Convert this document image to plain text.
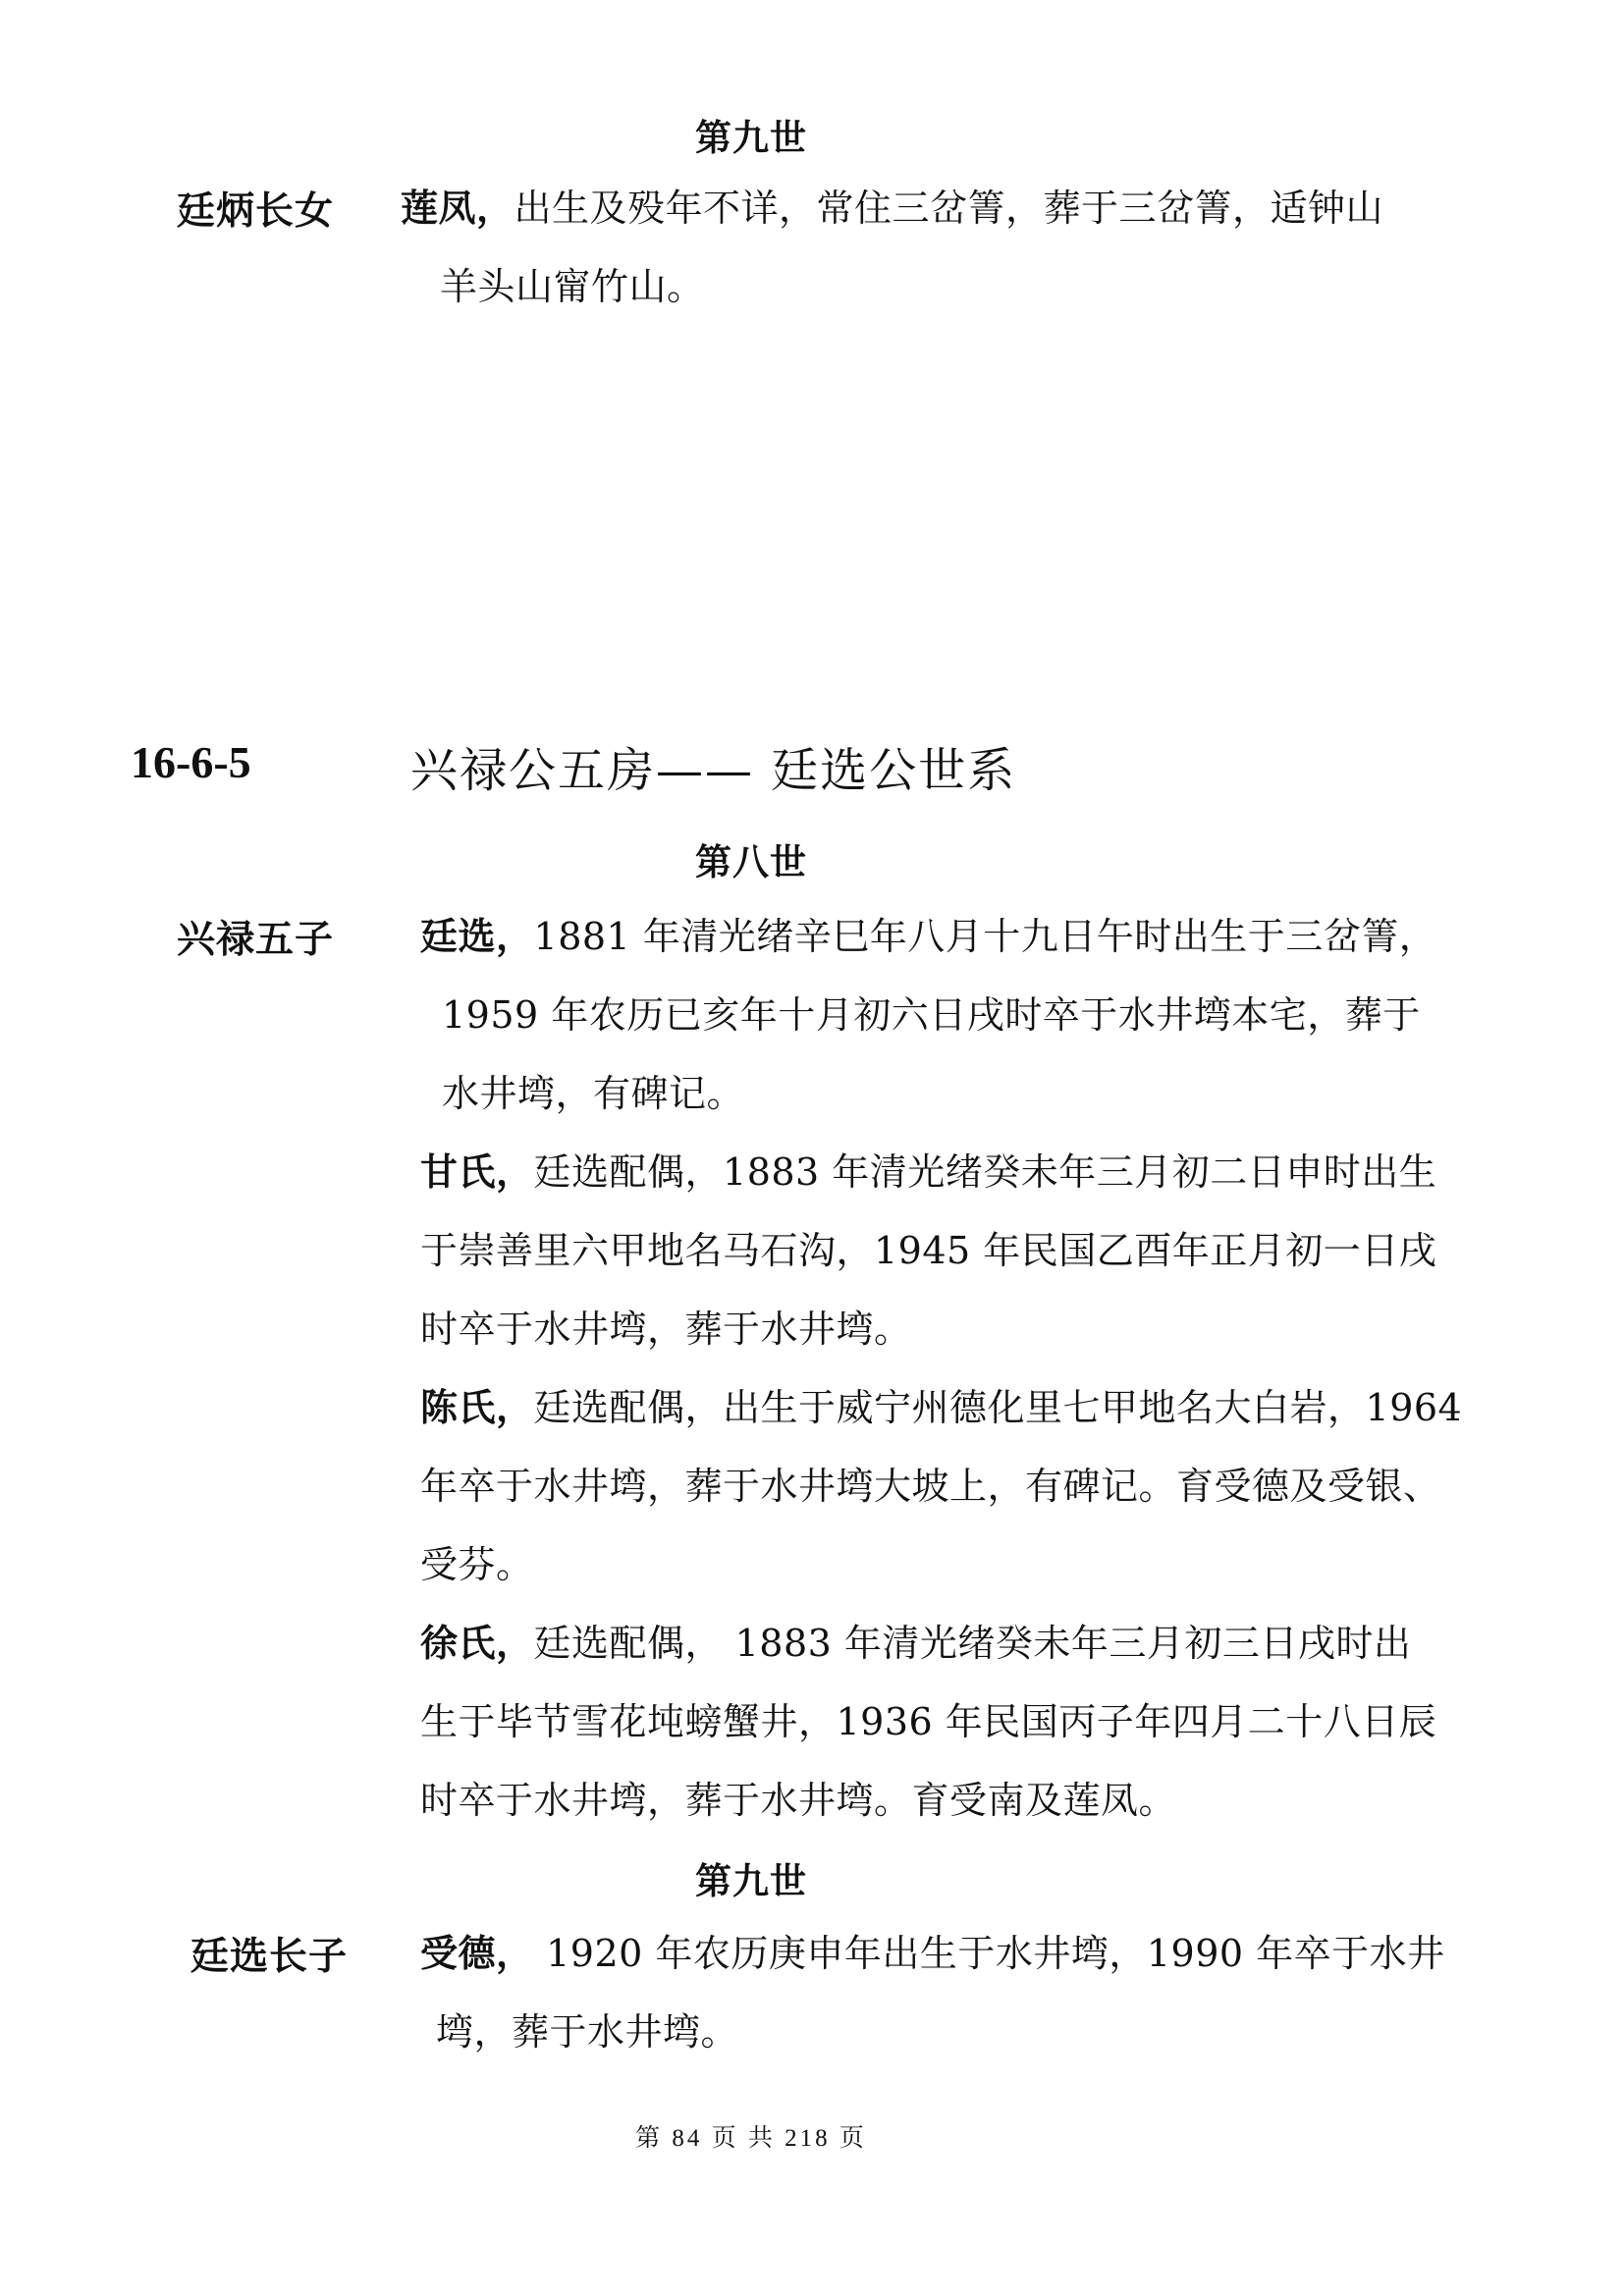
第九世
廷炳长女 莲凤，出生及殁年不详，常住三岔箐，葬于三岔箐，适钟山
羊头山甯竹山。
16-6-5	兴禄公五房—— 廷选公世系
第八世
兴禄五子 廷选，1881 年清光绪辛巳年八月十九日午时出生于三岔箐，
1959 年农历已亥年十月初六日戌时卒于水井塆本宅，葬于
水井塆，有碑记。
甘氏，廷选配偶，1883 年清光绪癸未年三月初二日申时出生
于崇善里六甲地名马石沟，1945 年民国乙酉年正月初一日戌
时卒于水井塆，葬于水井塆。
陈氏，廷选配偶，出生于威宁州德化里七甲地名大白岩，1964
年卒于水井塆，葬于水井塆大坡上，有碑记。育受德及受银、
受芬。
徐氏，廷选配偶， 1883 年清光绪癸未年三月初三日戌时出
生于毕节雪花坉螃蟹井，1936 年民国丙子年四月二十八日辰
时卒于水井塆，葬于水井塆。育受南及莲凤。
第九世
廷选长子 受德， 1920 年农历庚申年出生于水井塆，1990 年卒于水井
塆，葬于水井塆。
第 84 页 共 218 页
